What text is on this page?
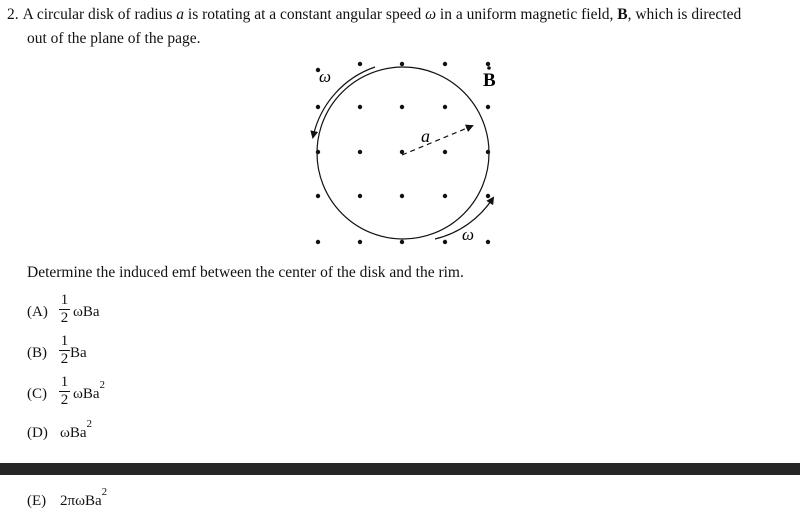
2. A circular disk of radius a is rotating at a constant angular speed ω in a uniform magnetic field, B, which is directed
out of the plane of the page.
ω
ω
a
B
Determine the induced emf between the center of the disk and the rim.
$(A) \frac{1}{2}$ ωBa
$(B) \frac{1}{2}$ Ba
$(C) \frac{1}{2} \omega Ba^2$
(D) ωBa$^2$
(E) 2πωBa$^2$
